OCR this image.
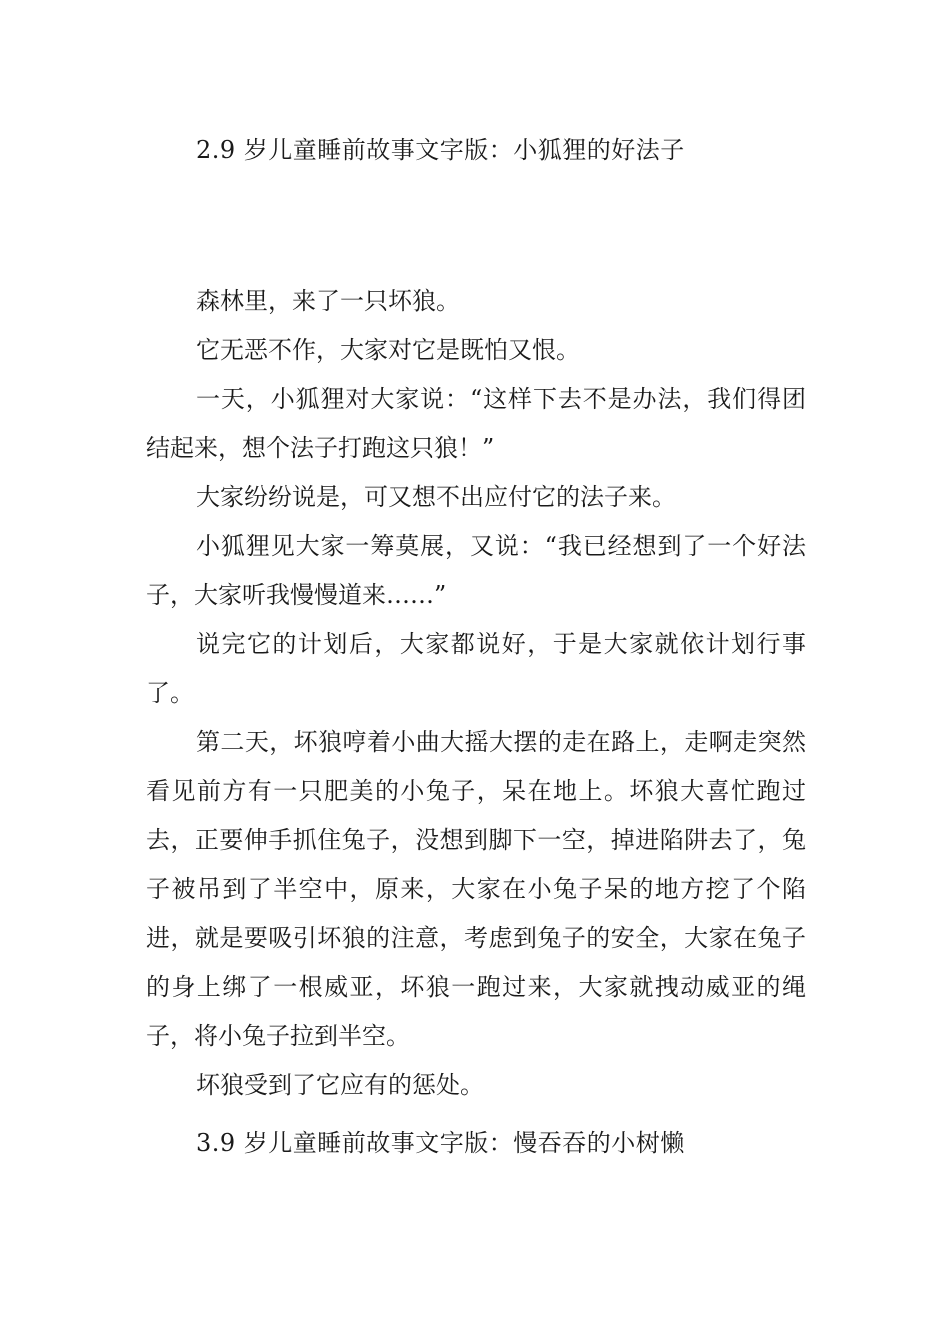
2.9 岁儿童睡前故事文字版：小狐狸的好法子

森林里，来了一只坏狼。

它无恶不作，大家对它是既怕又恨。

一天，小狐狸对大家说：“这样下去不是办法，我们得团结起来，想个法子打跑这只狼！”

大家纷纷说是，可又想不出应付它的法子来。

小狐狸见大家一筹莫展，又说：“我已经想到了一个好法子，大家听我慢慢道来……”

说完它的计划后，大家都说好，于是大家就依计划行事了。

第二天，坏狼哼着小曲大摇大摆的走在路上，走啊走突然看见前方有一只肥美的小兔子，呆在地上。坏狼大喜忙跑过去，正要伸手抓住兔子，没想到脚下一空，掉进陷阱去了，兔子被吊到了半空中，原来，大家在小兔子呆的地方挖了个陷进，就是要吸引坏狼的注意，考虑到兔子的安全，大家在兔子的身上绑了一根威亚，坏狼一跑过来，大家就拽动威亚的绳子，将小兔子拉到半空。

坏狼受到了它应有的惩处。

3.9 岁儿童睡前故事文字版：慢吞吞的小树懒
